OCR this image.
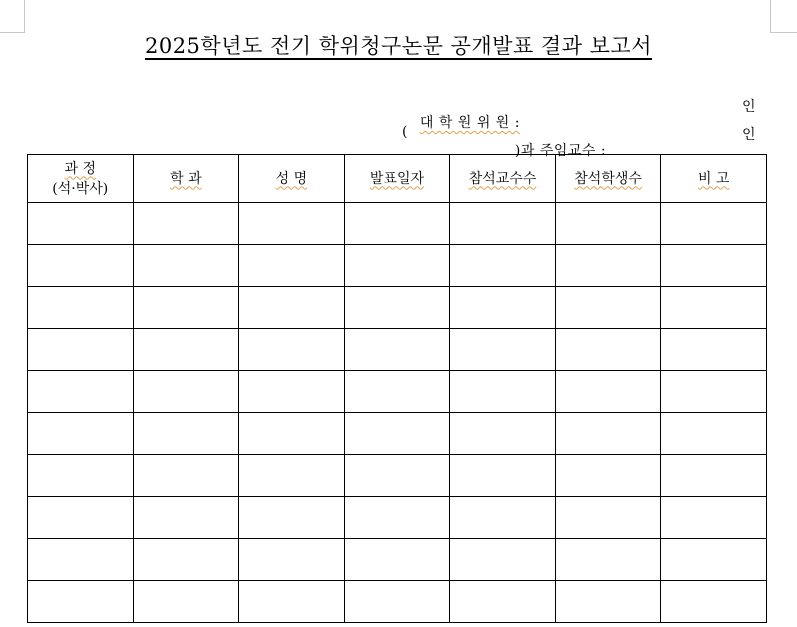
2025학년도 전기 학위청구논문 공개발표 결과 보고서

대 학 원 위 원 :

인
(

)과 주임교수 :

인
과 정
(석·박사)	학 과	성 명	발표일자	참석교수수	참석학생수	비 고
